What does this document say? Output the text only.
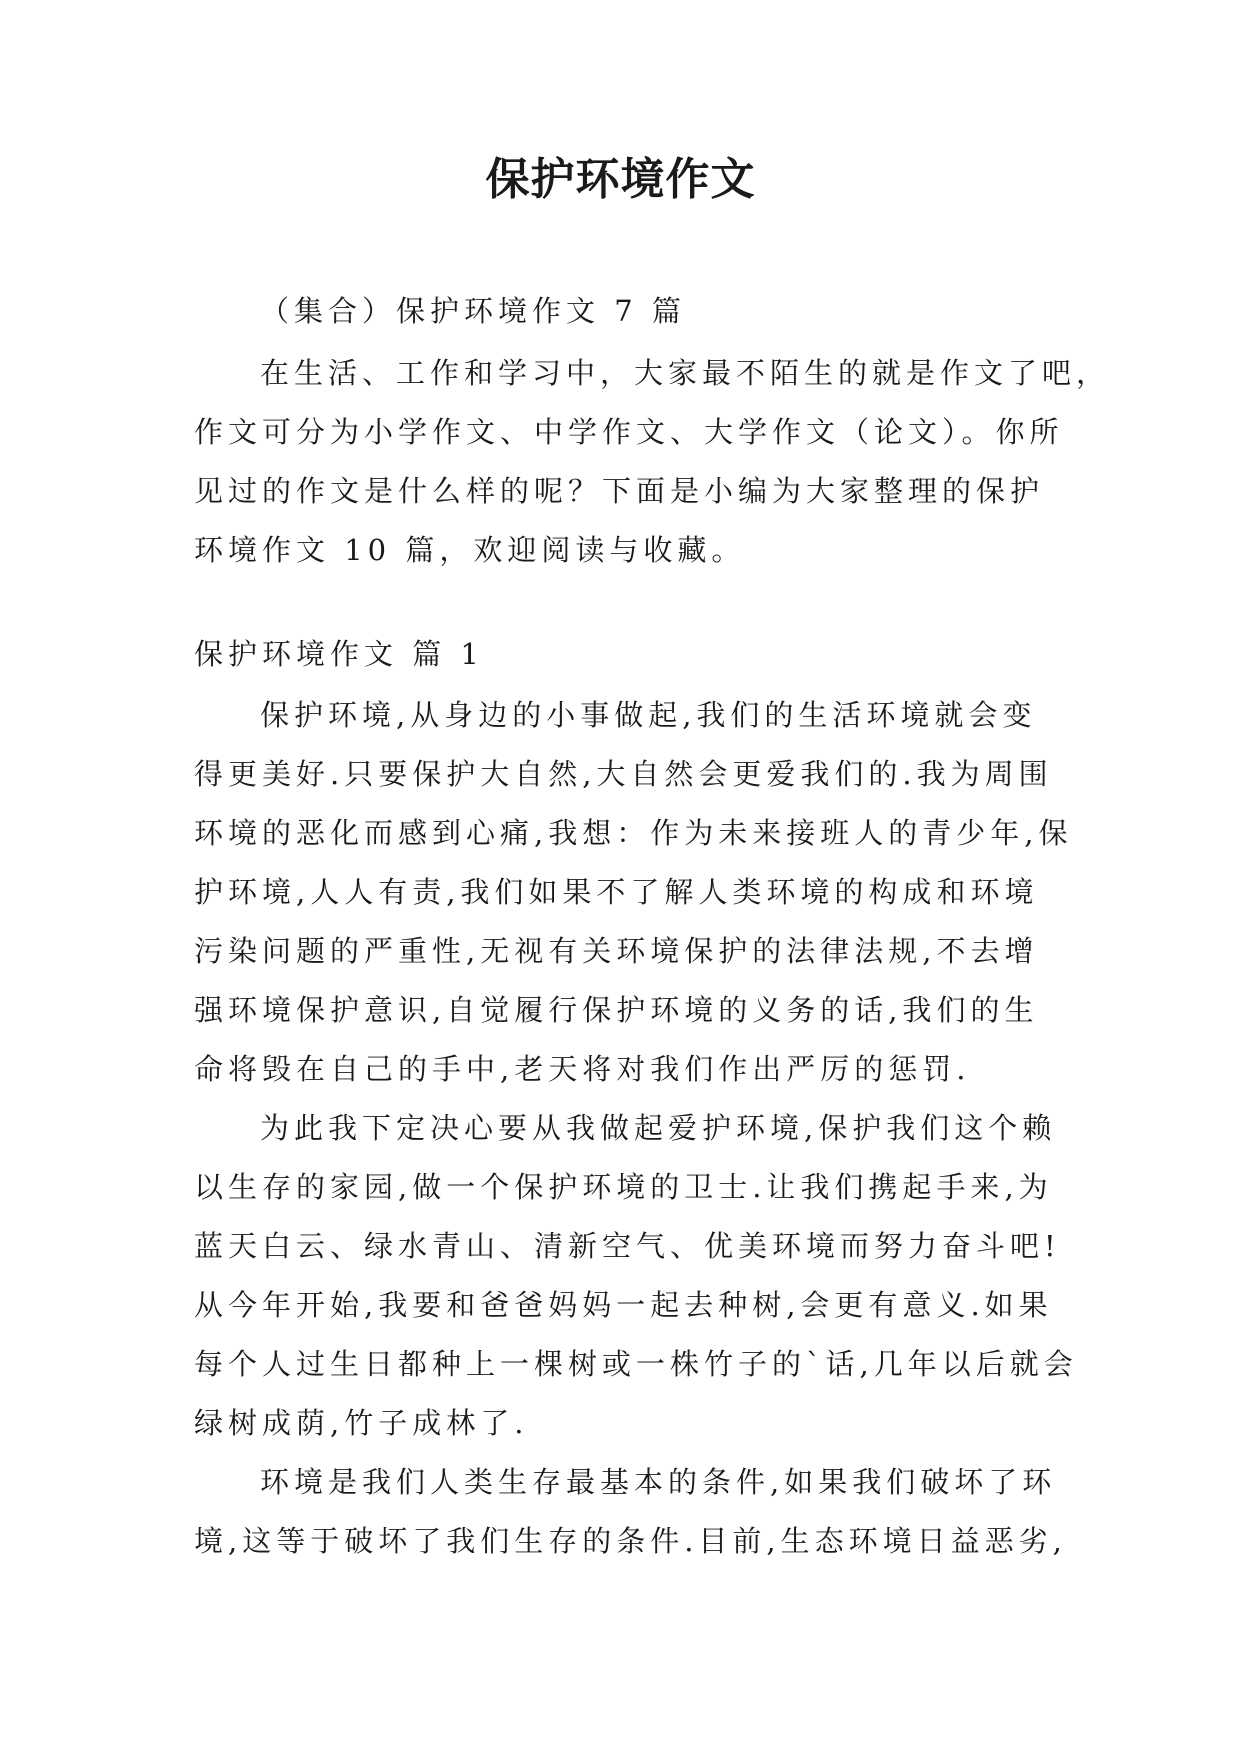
保护环境作文

（集合）保护环境作文 7 篇

在生活、工作和学习中，大家最不陌生的就是作文了吧，

作文可分为小学作文、中学作文、大学作文（论文）。你所

见过的作文是什么样的呢？下面是小编为大家整理的保护

环境作文 10 篇，欢迎阅读与收藏。

保护环境作文 篇 1

保护环境,从身边的小事做起,我们的生活环境就会变

得更美好.只要保护大自然,大自然会更爱我们的.我为周围

环境的恶化而感到心痛,我想：作为未来接班人的青少年,保

护环境,人人有责,我们如果不了解人类环境的构成和环境

污染问题的严重性,无视有关环境保护的法律法规,不去增

强环境保护意识,自觉履行保护环境的义务的话,我们的生

命将毁在自己的手中,老天将对我们作出严厉的惩罚.

为此我下定决心要从我做起爱护环境,保护我们这个赖

以生存的家园,做一个保护环境的卫士.让我们携起手来,为

蓝天白云、绿水青山、清新空气、优美环境而努力奋斗吧!

从今年开始,我要和爸爸妈妈一起去种树,会更有意义.如果

每个人过生日都种上一棵树或一株竹子的`话,几年以后就会

绿树成荫,竹子成林了.

环境是我们人类生存最基本的条件,如果我们破坏了环

境,这等于破坏了我们生存的条件.目前,生态环境日益恶劣,
